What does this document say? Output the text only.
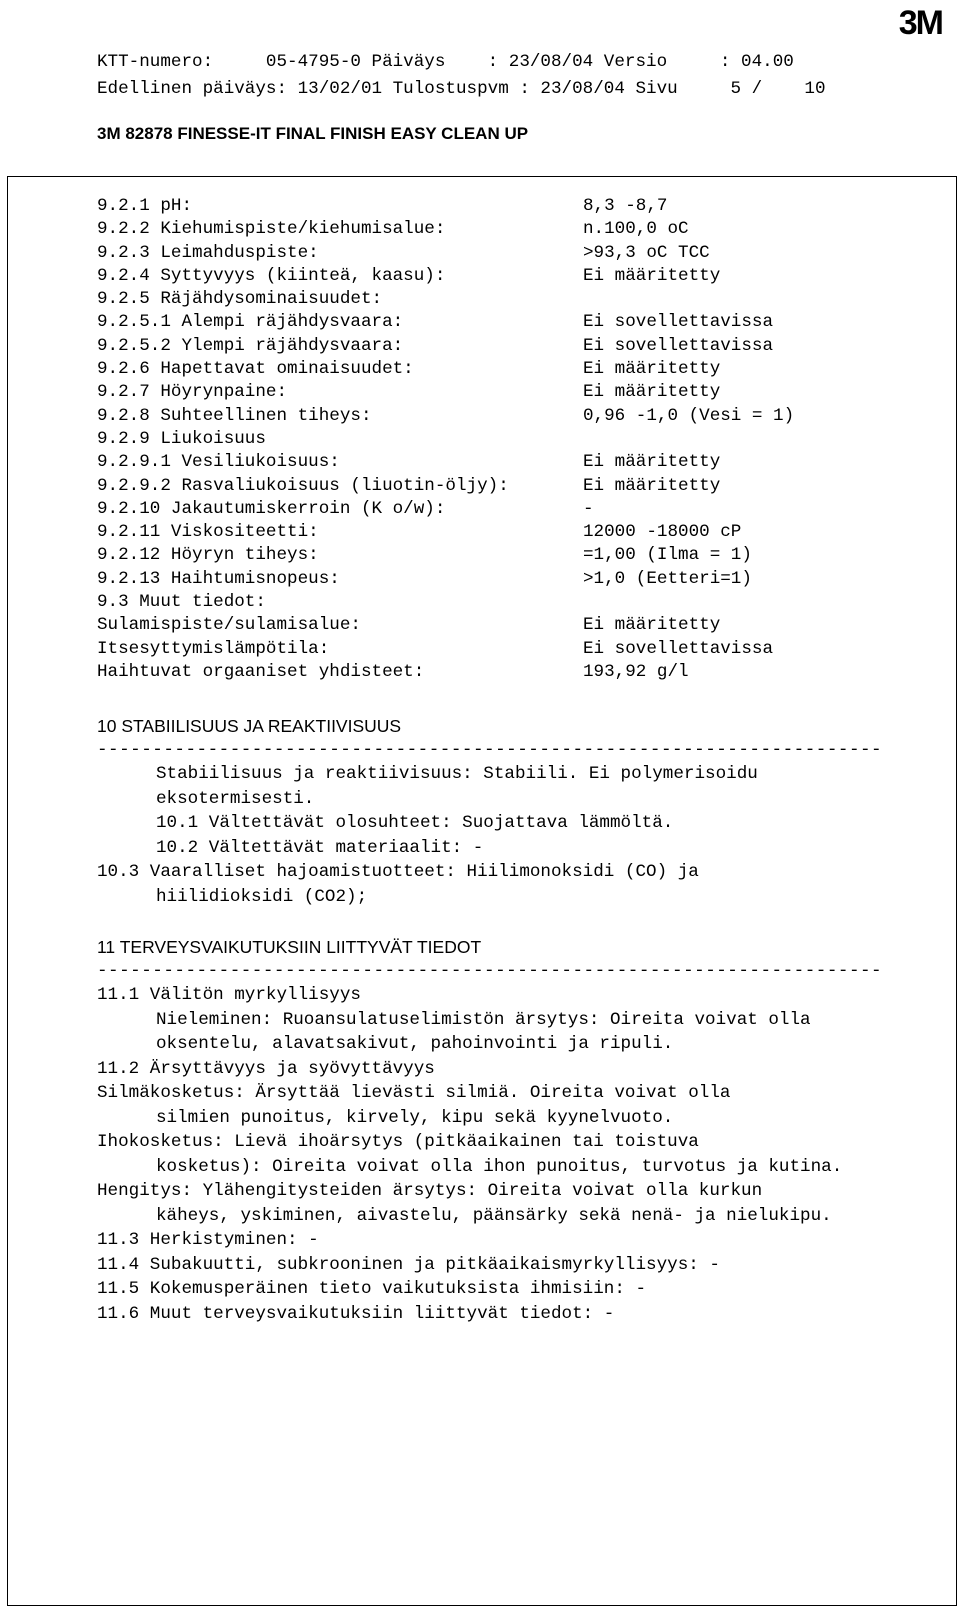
3M
KTT-numero:     05-4795-0 Päiväys    : 23/08/04 Versio     : 04.00
Edellinen päiväys: 13/02/01 Tulostuspvm : 23/08/04 Sivu     5 /    10
3M 82878 FINESSE-IT FINAL FINISH EASY CLEAN UP
9.2.1 pH:	8,3 -8,7
9.2.2 Kiehumispiste/kiehumisalue:	n.100,0 oC
9.2.3 Leimahduspiste:	>93,3 oC TCC
9.2.4 Syttyvyys (kiinteä, kaasu):	Ei määritetty
9.2.5 Räjähdysominaisuudet:
9.2.5.1 Alempi räjähdysvaara:	Ei sovellettavissa
9.2.5.2 Ylempi räjähdysvaara:	Ei sovellettavissa
9.2.6 Hapettavat ominaisuudet:	Ei määritetty
9.2.7 Höyrynpaine:	Ei määritetty
9.2.8 Suhteellinen tiheys:	0,96 -1,0 (Vesi = 1)
9.2.9 Liukoisuus
9.2.9.1 Vesiliukoisuus:	Ei määritetty
9.2.9.2 Rasvaliukoisuus (liuotin-öljy):	Ei määritetty
9.2.10 Jakautumiskerroin (K o/w):	-
9.2.11 Viskositeetti:	12000 -18000 cP
9.2.12 Höyryn tiheys:	=1,00 (Ilma = 1)
9.2.13 Haihtumisnopeus:	>1,0 (Eetteri=1)
9.3 Muut tiedot:
Sulamispiste/sulamisalue:	Ei määritetty
Itsesyttymislämpötila:	Ei sovellettavissa
Haihtuvat orgaaniset yhdisteet:	193,92 g/l
10 STABIILISUUS JA REAKTIIVISUUS
-----------------------------------------------------------------------
Stabiilisuus ja reaktiivisuus: Stabiili. Ei polymerisoidu
eksotermisesti.
10.1 Vältettävät olosuhteet: Suojattava lämmöltä.
10.2 Vältettävät materiaalit: -
10.3 Vaaralliset hajoamistuotteet: Hiilimonoksidi (CO) ja
hiilidioksidi (CO2);
11 TERVEYSVAIKUTUKSIIN LIITTYVÄT TIEDOT
-----------------------------------------------------------------------
11.1 Välitön myrkyllisyys
Nieleminen: Ruoansulatuselimistön ärsytys: Oireita voivat olla
oksentelu, alavatsakivut, pahoinvointi ja ripuli.
11.2 Ärsyttävyys ja syövyttävyys
Silmäkosketus: Ärsyttää lievästi silmiä. Oireita voivat olla
silmien punoitus, kirvely, kipu sekä kyynelvuoto.
Ihokosketus: Lievä ihoärsytys (pitkäaikainen tai toistuva
kosketus): Oireita voivat olla ihon punoitus, turvotus ja kutina.
Hengitys: Ylähengitysteiden ärsytys: Oireita voivat olla kurkun
käheys, yskiminen, aivastelu, päänsärky sekä nenä- ja nielukipu.
11.3 Herkistyminen: -
11.4 Subakuutti, subkrooninen ja pitkäaikaismyrkyllisyys: -
11.5 Kokemusperäinen tieto vaikutuksista ihmisiin: -
11.6 Muut terveysvaikutuksiin liittyvät tiedot: -
